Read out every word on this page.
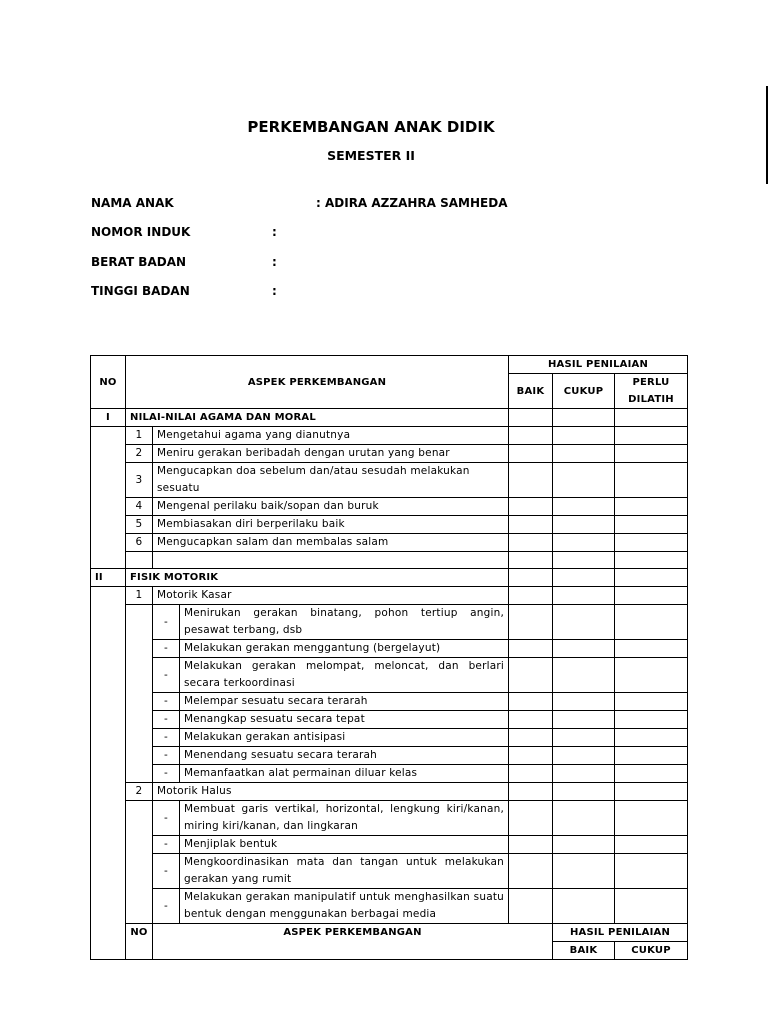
PERKEMBANGAN ANAK DIDIK
SEMESTER II
NAMA ANAK	: ADIRA AZZAHRA SAMHEDA
NOMOR INDUK	:
BERAT BADAN	:
TINGGI BADAN	:
NO	ASPEK PERKEMBANGAN			HASIL PENILAIAN			
				BAIK	CUKUP	PERLU
DILATIH	
I	NILAI-NILAI AGAMA DAN MORAL						
	1	Mengetahui agama yang dianutnya					
	2	Meniru gerakan beribadah dengan urutan yang benar					
	3	Mengucapkan doa sebelum dan/atau sesudah melakukan sesuatu					
	4	Mengenal perilaku baik/sopan dan buruk					
	5	Membiasakan diri berperilaku baik					
	6	Mengucapkan salam dan membalas salam					

II	FISIK MOTORIK						
	1	Motorik Kasar					
		-	Menirukan gerakan binatang, pohon tertiup angin, pesawat terbang, dsb				
		-	Melakukan gerakan menggantung (bergelayut)				
		-	Melakukan gerakan melompat, meloncat, dan berlari secara terkoordinasi				
		-	Melempar sesuatu secara terarah				
		-	Menangkap sesuatu secara tepat				
		-	Melakukan gerakan antisipasi				
		-	Menendang sesuatu secara terarah				
		-	Memanfaatkan alat permainan diluar kelas				
	2	Motorik Halus					
		-	Membuat garis vertikal, horizontal, lengkung kiri/kanan, miring kiri/kanan, dan lingkaran				
		-	Menjiplak bentuk				
		-	Mengkoordinasikan mata dan tangan untuk melakukan gerakan yang rumit				
		-	Melakukan gerakan manipulatif untuk menghasilkan suatu bentuk dengan menggunakan berbagai media				
	NO	ASPEK PERKEMBANGAN			HASIL PENILAIAN		
					BAIK	CUKUP	
